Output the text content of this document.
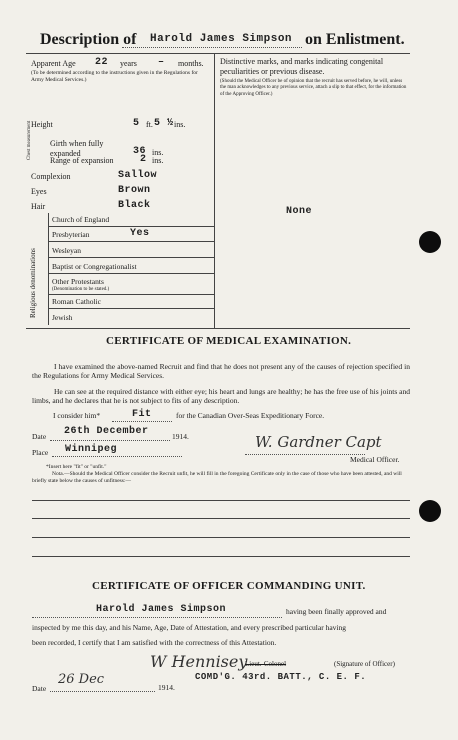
Description of Harold James Simpson on Enlistment.
Apparent Age 22 years – months.
(To be determined according to the instructions given in the Regulations for Army Medical Services.)
Height	5 ft. 5 ½ ins.
Chest measurement Girth when fully expanded	36 ins.
Range of expansion	2 ins.
Complexion	Sallow
Eyes	Brown
Hair	Black
Religious denominations
Church of England
Presbyterian	Yes
Wesleyan
Baptist or Congregationalist
Other Protestants
(Denomination to be stated.)
Roman Catholic
Jewish
Distinctive marks, and marks indicating congenital peculiarities or previous disease.
(Should the Medical Officer be of opinion that the recruit has served before, he will, unless the man acknowledges to any previous service, attach a slip to that effect, for the information of the Approving Officer.)
None
CERTIFICATE OF MEDICAL EXAMINATION.
I have examined the above-named Recruit and find that he does not present any of the causes of rejection specified in the Regulations for Army Medical Services.
He can see at the required distance with either eye; his heart and lungs are healthy; he has the free use of his joints and limbs, and he declares that he is not subject to fits of any description.
I consider him*	Fit	for the Canadian Over-Seas Expeditionary Force.
Date 26th December	1914.
Place Winnipeg	W. Gardner Capt
Medical Officer.
*Insert here "fit" or "unfit."
Nota.—Should the Medical Officer consider the Recruit unfit, he will fill in the foregoing Certificate only in the case of those who have been attested, and will briefly state below the causes of unfitness:—
CERTIFICATE OF OFFICER COMMANDING UNIT.
Harold James Simpson	having been finally approved and
inspected by me this day, and his Name, Age, Date of Attestation, and every prescribed particular having
been recorded, I certify that I am satisfied with the correctness of this Attestation.
W Hennisey
Lieut.-Colonel	(Signature of Officer)
COMD'G. 43rd. BATT., C. E. F.
Date
26 Dec
1914.
